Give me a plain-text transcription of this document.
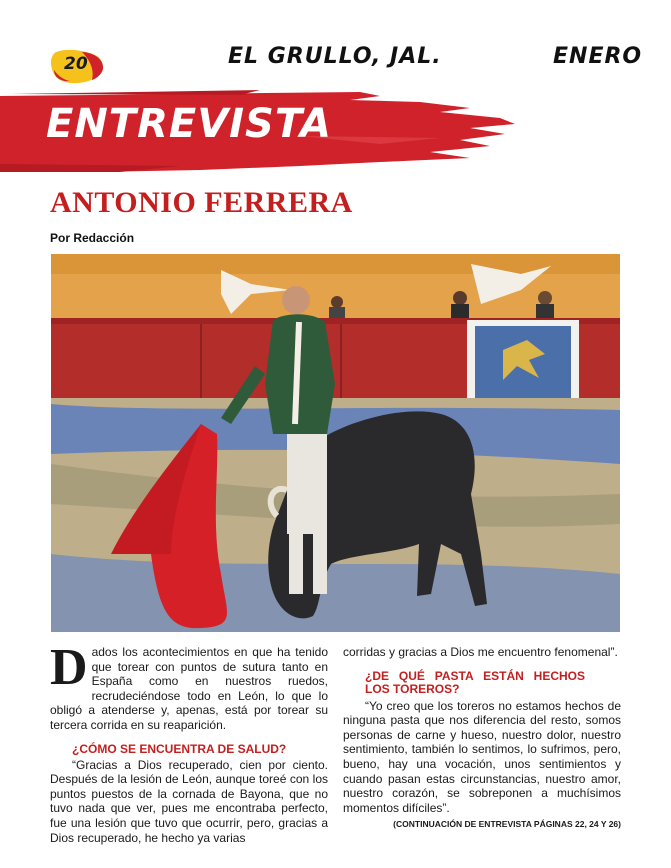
20	EL GRULLO, JAL.	ENERO
ENTREVISTA
ANTONIO FERRERA
Por Redacción

Dados los acontecimientos en que ha tenido que torear con puntos de sutura tanto en España como en nuestros ruedos, recrudeciéndose todo en León, lo que lo obligó a atenderse y, apenas, está por torear su tercera corrida en su reaparición.

¿CÓMO SE ENCUENTRA DE SALUD?

“Gracias a Dios recuperado, cien por ciento. Después de la lesión de León, aunque toreé con los puntos puestos de la cornada de Bayona, que no tuvo nada que ver, pues me encontraba perfecto, fue una lesión que tuvo que ocurrir, pero, gracias a Dios recuperado, he hecho ya varias

corridas y gracias a Dios me encuentro fenomenal”.

¿DE QUÉ PASTA ESTÁN HECHOS LOS TOREROS?

“Yo creo que los toreros no estamos hechos de ninguna pasta que nos diferencia del resto, somos personas de carne y hueso, nuestro dolor, nuestro sentimiento, también lo sentimos, lo sufrimos, pero, bueno, hay una vocación, unos sentimientos y cuando pasan estas circunstancias, nuestro amor, nuestro corazón, se sobreponen a muchísimos momentos difíciles”.

(CONTINUACIÓN DE ENTREVISTA PÁGINAS 22, 24 Y 26)
